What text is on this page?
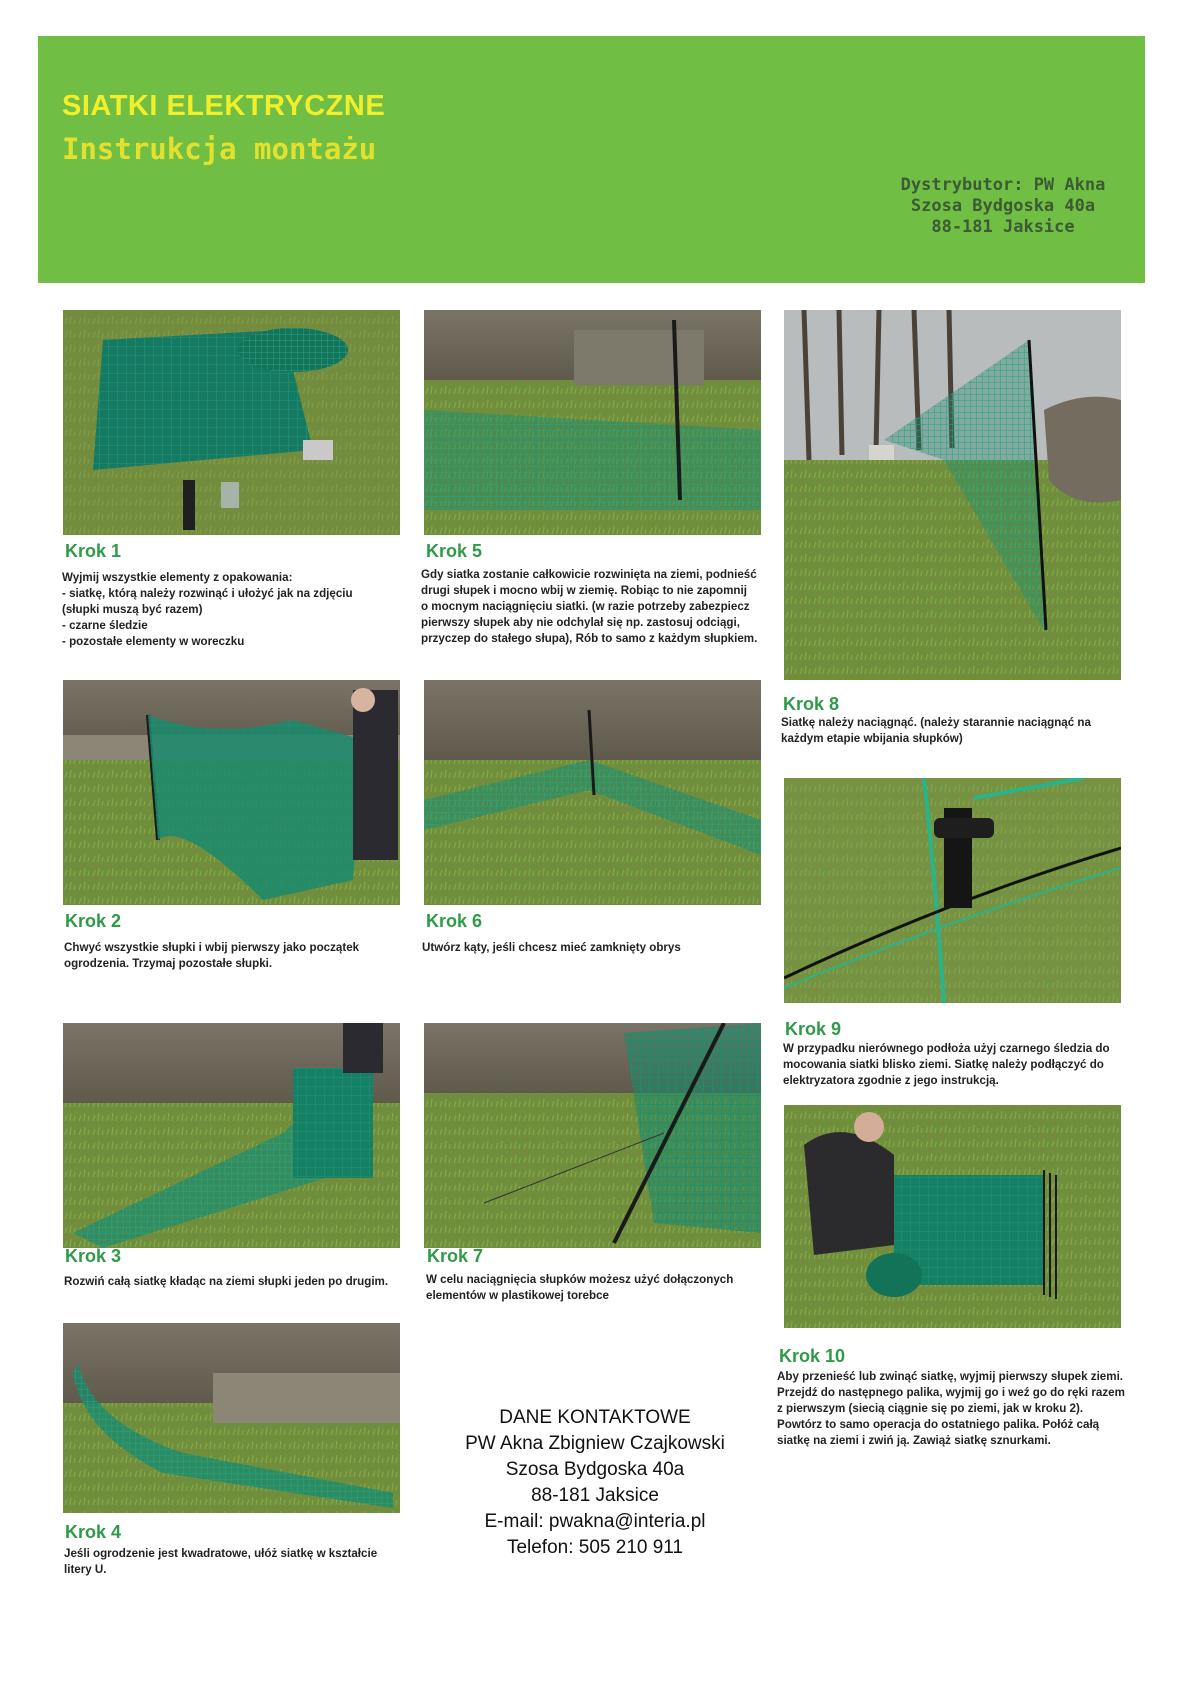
SIATKI ELEKTRYCZNE
Instrukcja montażu
Dystrybutor: PW Akna
Szosa Bydgoska 40a
88-181 Jaksice
Krok 1
Wyjmij wszystkie elementy z opakowania:
- siatkę, którą należy rozwinąć i ułożyć jak na zdjęciu
(słupki muszą być razem)
- czarne śledzie
- pozostałe elementy w woreczku
Krok 2
Chwyć wszystkie słupki i wbij pierwszy jako początek
ogrodzenia. Trzymaj pozostałe słupki.
Krok 3
Rozwiń całą siatkę kładąc na ziemi słupki jeden po drugim.
Krok 4
Jeśli ogrodzenie jest kwadratowe, ułóż siatkę w kształcie
litery U.
Krok 5
Gdy siatka zostanie całkowicie rozwinięta na ziemi, podnieść
drugi słupek i mocno wbij w ziemię. Robiąc to nie zapomnij
o mocnym naciągnięciu siatki. (w razie potrzeby zabezpiecz
pierwszy słupek aby nie odchylał się np. zastosuj odciągi,
przyczep do stałego słupa), Rób to samo z każdym słupkiem.
Krok 6
Utwórz kąty, jeśli chcesz mieć zamknięty obrys
Krok 7
W celu naciągnięcia słupków możesz użyć dołączonych
elementów w plastikowej torebce
DANE KONTAKTOWE
PW Akna Zbigniew Czajkowski
Szosa Bydgoska 40a
88-181 Jaksice
E-mail: pwakna@interia.pl
Telefon: 505 210 911
Krok 8
Siatkę należy naciągnąć. (należy starannie naciągnąć na
każdym etapie wbijania słupków)
Krok 9
W przypadku nierównego podłoża użyj czarnego śledzia do
mocowania siatki blisko ziemi. Siatkę należy podłączyć do
elektryzatora zgodnie z jego instrukcją.
Krok 10
Aby przenieść lub zwinąć siatkę, wyjmij pierwszy słupek ziemi.
Przejdź do następnego palika, wyjmij go i weź go do ręki razem
z pierwszym (siecią ciągnie się po ziemi, jak w kroku 2).
Powtórz to samo operacja do ostatniego palika. Połóż całą
siatkę na ziemi i zwiń ją. Zawiąż siatkę sznurkami.
